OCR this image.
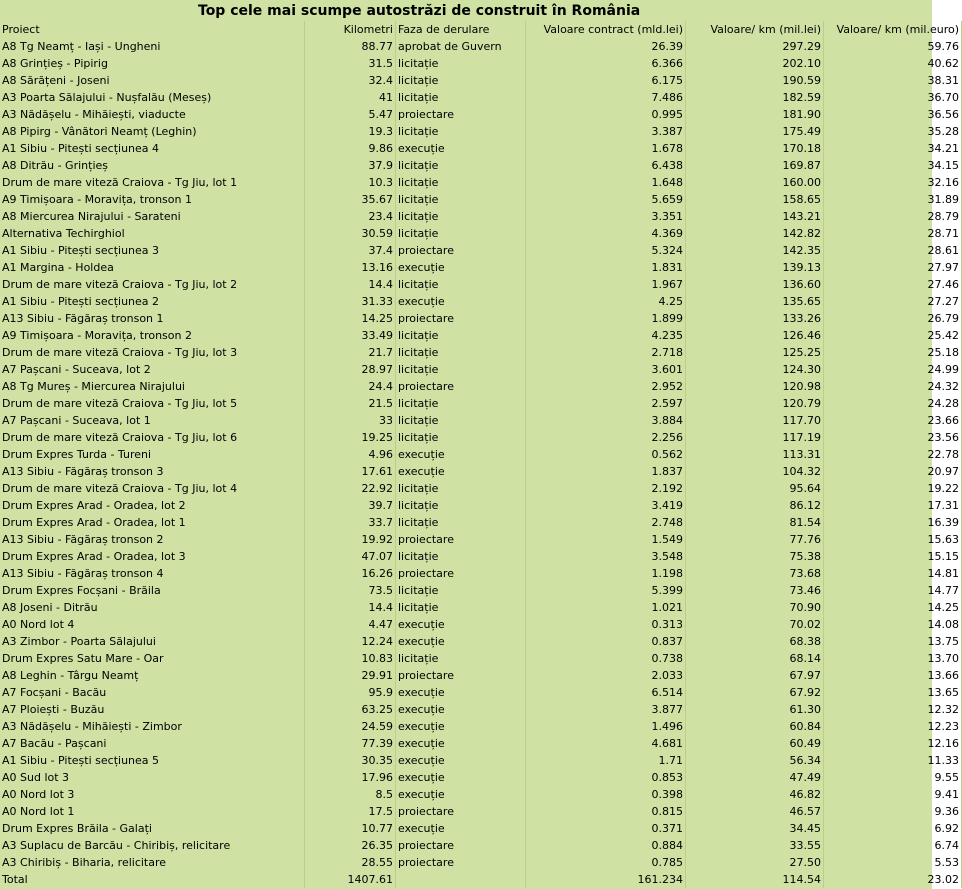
Top cele mai scumpe autostrăzi de construit în România
Proiect	Kilometri	Faza de derulare	Valoare contract (mld.lei)	Valoare/ km (mil.lei)	Valoare/ km (mil.euro)
A8 Tg Neamț - Iași - Ungheni	88.77	aprobat de Guvern	26.39	297.29	59.76
A8 Grințieș - Pipirig	31.5	licitație	6.366	202.10	40.62
A8 Sărățeni - Joseni	32.4	licitație	6.175	190.59	38.31
A3 Poarta Sălajului - Nușfalău (Meseș)	41	licitație	7.486	182.59	36.70
A3 Nădășelu - Mihăiești, viaducte	5.47	proiectare	0.995	181.90	36.56
A8 Pipirg - Vânători Neamț (Leghin)	19.3	licitație	3.387	175.49	35.28
A1 Sibiu - Pitești secțiunea 4	9.86	execuție	1.678	170.18	34.21
A8 Ditrău - Grințieș	37.9	licitație	6.438	169.87	34.15
Drum de mare viteză Craiova - Tg Jiu, lot 1	10.3	licitație	1.648	160.00	32.16
A9 Timișoara - Moravița, tronson 1	35.67	licitație	5.659	158.65	31.89
A8 Miercurea Nirajului - Sarateni	23.4	licitație	3.351	143.21	28.79
Alternativa Techirghiol	30.59	licitație	4.369	142.82	28.71
A1 Sibiu - Pitești secțiunea 3	37.4	proiectare	5.324	142.35	28.61
A1 Margina - Holdea	13.16	execuție	1.831	139.13	27.97
Drum de mare viteză Craiova - Tg Jiu, lot 2	14.4	licitație	1.967	136.60	27.46
A1 Sibiu - Pitești secțiunea 2	31.33	execuție	4.25	135.65	27.27
A13 Sibiu - Făgăraș tronson 1	14.25	proiectare	1.899	133.26	26.79
A9 Timișoara - Moravița, tronson 2	33.49	licitație	4.235	126.46	25.42
Drum de mare viteză Craiova - Tg Jiu, lot 3	21.7	licitație	2.718	125.25	25.18
A7 Pașcani - Suceava, lot 2	28.97	licitație	3.601	124.30	24.99
A8 Tg Mureș - Miercurea Nirajului	24.4	proiectare	2.952	120.98	24.32
Drum de mare viteză Craiova - Tg Jiu, lot 5	21.5	licitație	2.597	120.79	24.28
A7 Pașcani - Suceava, lot 1	33	licitație	3.884	117.70	23.66
Drum de mare viteză Craiova - Tg Jiu, lot 6	19.25	licitație	2.256	117.19	23.56
Drum Expres Turda - Tureni	4.96	execuție	0.562	113.31	22.78
A13 Sibiu - Făgăraș tronson 3	17.61	execuție	1.837	104.32	20.97
Drum de mare viteză Craiova - Tg Jiu, lot 4	22.92	licitație	2.192	95.64	19.22
Drum Expres Arad - Oradea, lot 2	39.7	licitație	3.419	86.12	17.31
Drum Expres Arad - Oradea, lot 1	33.7	licitație	2.748	81.54	16.39
A13 Sibiu - Făgăraș tronson 2	19.92	proiectare	1.549	77.76	15.63
Drum Expres Arad - Oradea, lot 3	47.07	licitație	3.548	75.38	15.15
A13 Sibiu - Făgăraș tronson 4	16.26	proiectare	1.198	73.68	14.81
Drum Expres Focșani - Brăila	73.5	licitație	5.399	73.46	14.77
A8 Joseni - Ditrău	14.4	licitație	1.021	70.90	14.25
A0 Nord lot 4	4.47	execuție	0.313	70.02	14.08
A3 Zimbor - Poarta Sălajului	12.24	execuție	0.837	68.38	13.75
Drum Expres Satu Mare - Oar	10.83	licitație	0.738	68.14	13.70
A8 Leghin - Târgu Neamț	29.91	proiectare	2.033	67.97	13.66
A7 Focșani - Bacău	95.9	execuție	6.514	67.92	13.65
A7 Ploiești - Buzău	63.25	execuție	3.877	61.30	12.32
A3 Nădășelu - Mihăiești - Zimbor	24.59	execuție	1.496	60.84	12.23
A7 Bacău - Pașcani	77.39	execuție	4.681	60.49	12.16
A1 Sibiu - Pitești secțiunea 5	30.35	execuție	1.71	56.34	11.33
A0 Sud lot 3	17.96	execuție	0.853	47.49	9.55
A0 Nord lot 3	8.5	execuție	0.398	46.82	9.41
A0 Nord lot 1	17.5	proiectare	0.815	46.57	9.36
Drum Expres Brăila - Galați	10.77	execuție	0.371	34.45	6.92
A3 Suplacu de Barcău - Chiribiș, relicitare	26.35	proiectare	0.884	33.55	6.74
A3 Chiribiș - Biharia, relicitare	28.55	proiectare	0.785	27.50	5.53
Total	1407.61		161.234	114.54	23.02
